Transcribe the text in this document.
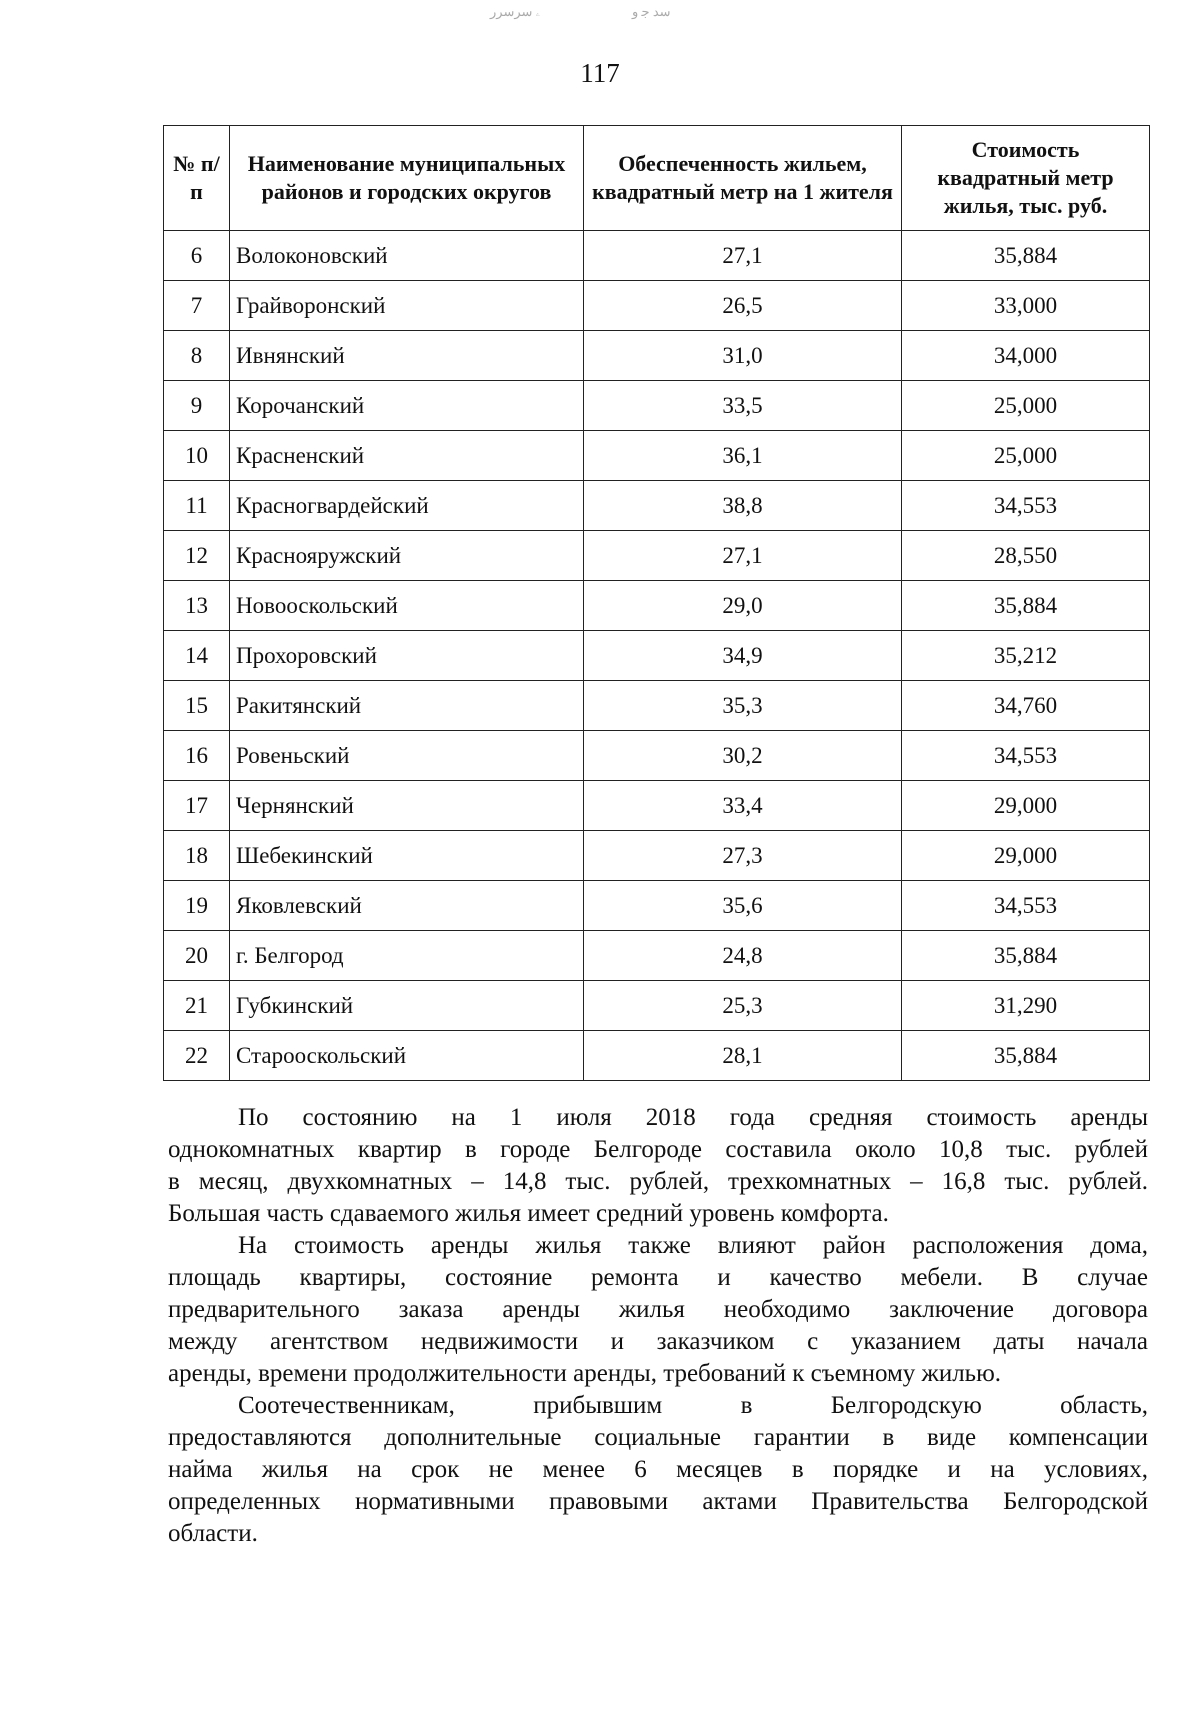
ۦ ﺳﺮﺳﺮﺭ	ﺳﺪ ﺟ ﻭ
117
№ п/п	Наименование муниципальных районов и городских округов	Обеспеченность жильем, квадратный метр на 1 жителя	Стоимость квадратный метр жилья, тыс. руб.
6	Волоконовский	27,1	35,884
7	Грайворонский	26,5	33,000
8	Ивнянский	31,0	34,000
9	Корочанский	33,5	25,000
10	Красненский	36,1	25,000
11	Красногвардейский	38,8	34,553
12	Краснояружский	27,1	28,550
13	Новооскольский	29,0	35,884
14	Прохоровский	34,9	35,212
15	Ракитянский	35,3	34,760
16	Ровеньский	30,2	34,553
17	Чернянский	33,4	29,000
18	Шебекинский	27,3	29,000
19	Яковлевский	35,6	34,553
20	г. Белгород	24,8	35,884
21	Губкинский	25,3	31,290
22	Старооскольский	28,1	35,884

По состоянию на 1 июля 2018 года средняя стоимость аренды

однокомнатных квартир в городе Белгороде составила около 10,8 тыс. рублей

в месяц, двухкомнатных – 14,8 тыс. рублей, трехкомнатных – 16,8 тыс. рублей.

Большая часть сдаваемого жилья имеет средний уровень комфорта.

На стоимость аренды жилья также влияют район расположения дома,

площадь квартиры, состояние ремонта и качество мебели. В случае

предварительного заказа аренды жилья необходимо заключение договора

между агентством недвижимости и заказчиком с указанием даты начала

аренды, времени продолжительности аренды, требований к съемному жилью.

Соотечественникам, прибывшим в Белгородскую область,

предоставляются дополнительные социальные гарантии в виде компенсации

найма жилья на срок не менее 6 месяцев в порядке и на условиях,

определенных нормативными правовыми актами Правительства Белгородской

области.
